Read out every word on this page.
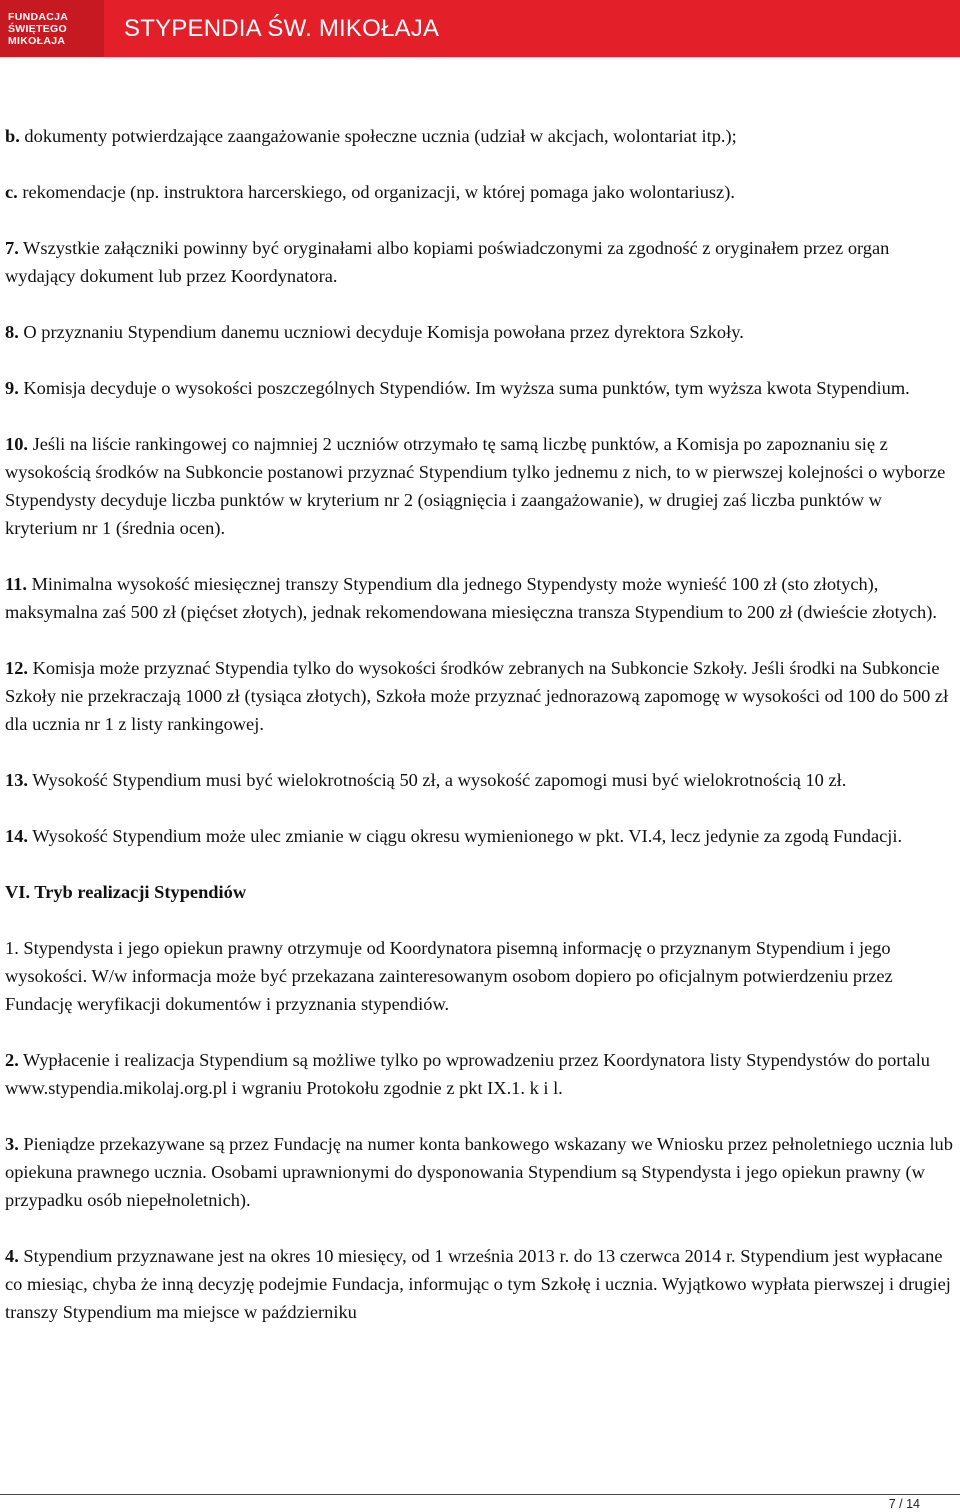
FUNDACJA
ŚWIĘTEGO
MIKOŁAJA	STYPENDIA ŚW. MIKOŁAJA

b. dokumenty potwierdzające zaangażowanie społeczne ucznia (udział w akcjach, wolontariat itp.);

c. rekomendacje (np. instruktora harcerskiego, od organizacji, w której pomaga jako wolontariusz).

7. Wszystkie załączniki powinny być oryginałami albo kopiami poświadczonymi za zgodność z oryginałem przez organ wydający dokument lub przez Koordynatora.

8. O przyznaniu Stypendium danemu uczniowi decyduje Komisja powołana przez dyrektora Szkoły.

9. Komisja decyduje o wysokości poszczególnych Stypendiów. Im wyższa suma punktów, tym wyższa kwota Stypendium.

10. Jeśli na liście rankingowej co najmniej 2 uczniów otrzymało tę samą liczbę punktów, a Komisja po zapoznaniu się z wysokością środków na Subkoncie postanowi przyznać Stypendium tylko jednemu z nich, to w pierwszej kolejności o wyborze Stypendysty decyduje liczba punktów w kryterium nr 2 (osiągnięcia i zaangażowanie), w drugiej zaś liczba punktów w kryterium nr 1 (średnia ocen).

11. Minimalna wysokość miesięcznej transzy Stypendium dla jednego Stypendysty może wynieść 100 zł (sto złotych), maksymalna zaś 500 zł (pięćset złotych), jednak rekomendowana miesięczna transza Stypendium to 200 zł (dwieście złotych).

12. Komisja może przyznać Stypendia tylko do wysokości środków zebranych na Subkoncie Szkoły. Jeśli środki na Subkoncie Szkoły nie przekraczają 1000 zł (tysiąca złotych), Szkoła może przyznać jednorazową zapomogę w wysokości od 100 do 500 zł dla ucznia nr 1 z listy rankingowej.

13. Wysokość Stypendium musi być wielokrotnością 50 zł, a wysokość zapomogi musi być wielokrotnością 10 zł.

14. Wysokość Stypendium może ulec zmianie w ciągu okresu wymienionego w pkt. VI.4, lecz jedynie za zgodą Fundacji.

VI. Tryb realizacji Stypendiów

1. Stypendysta i jego opiekun prawny otrzymuje od Koordynatora pisemną informację o przyznanym Stypendium i jego wysokości. W/w informacja może być przekazana zainteresowanym osobom dopiero po oficjalnym potwierdzeniu przez Fundację weryfikacji dokumentów i przyznania stypendiów.

2. Wypłacenie i realizacja Stypendium są możliwe tylko po wprowadzeniu przez Koordynatora listy Stypendystów do portalu www.stypendia.mikolaj.org.pl i wgraniu Protokołu zgodnie z pkt IX.1. k i l.

3. Pieniądze przekazywane są przez Fundację na numer konta bankowego wskazany we Wniosku przez pełnoletniego ucznia lub opiekuna prawnego ucznia. Osobami uprawnionymi do dysponowania Stypendium są Stypendysta i jego opiekun prawny (w przypadku osób niepełnoletnich).

4. Stypendium przyznawane jest na okres 10 miesięcy, od 1 września 2013 r. do 13 czerwca 2014 r. Stypendium jest wypłacane co miesiąc, chyba że inną decyzję podejmie Fundacja, informując o tym Szkołę i ucznia. Wyjątkowo wypłata pierwszej i drugiej transzy Stypendium ma miejsce w październiku

7 / 14
